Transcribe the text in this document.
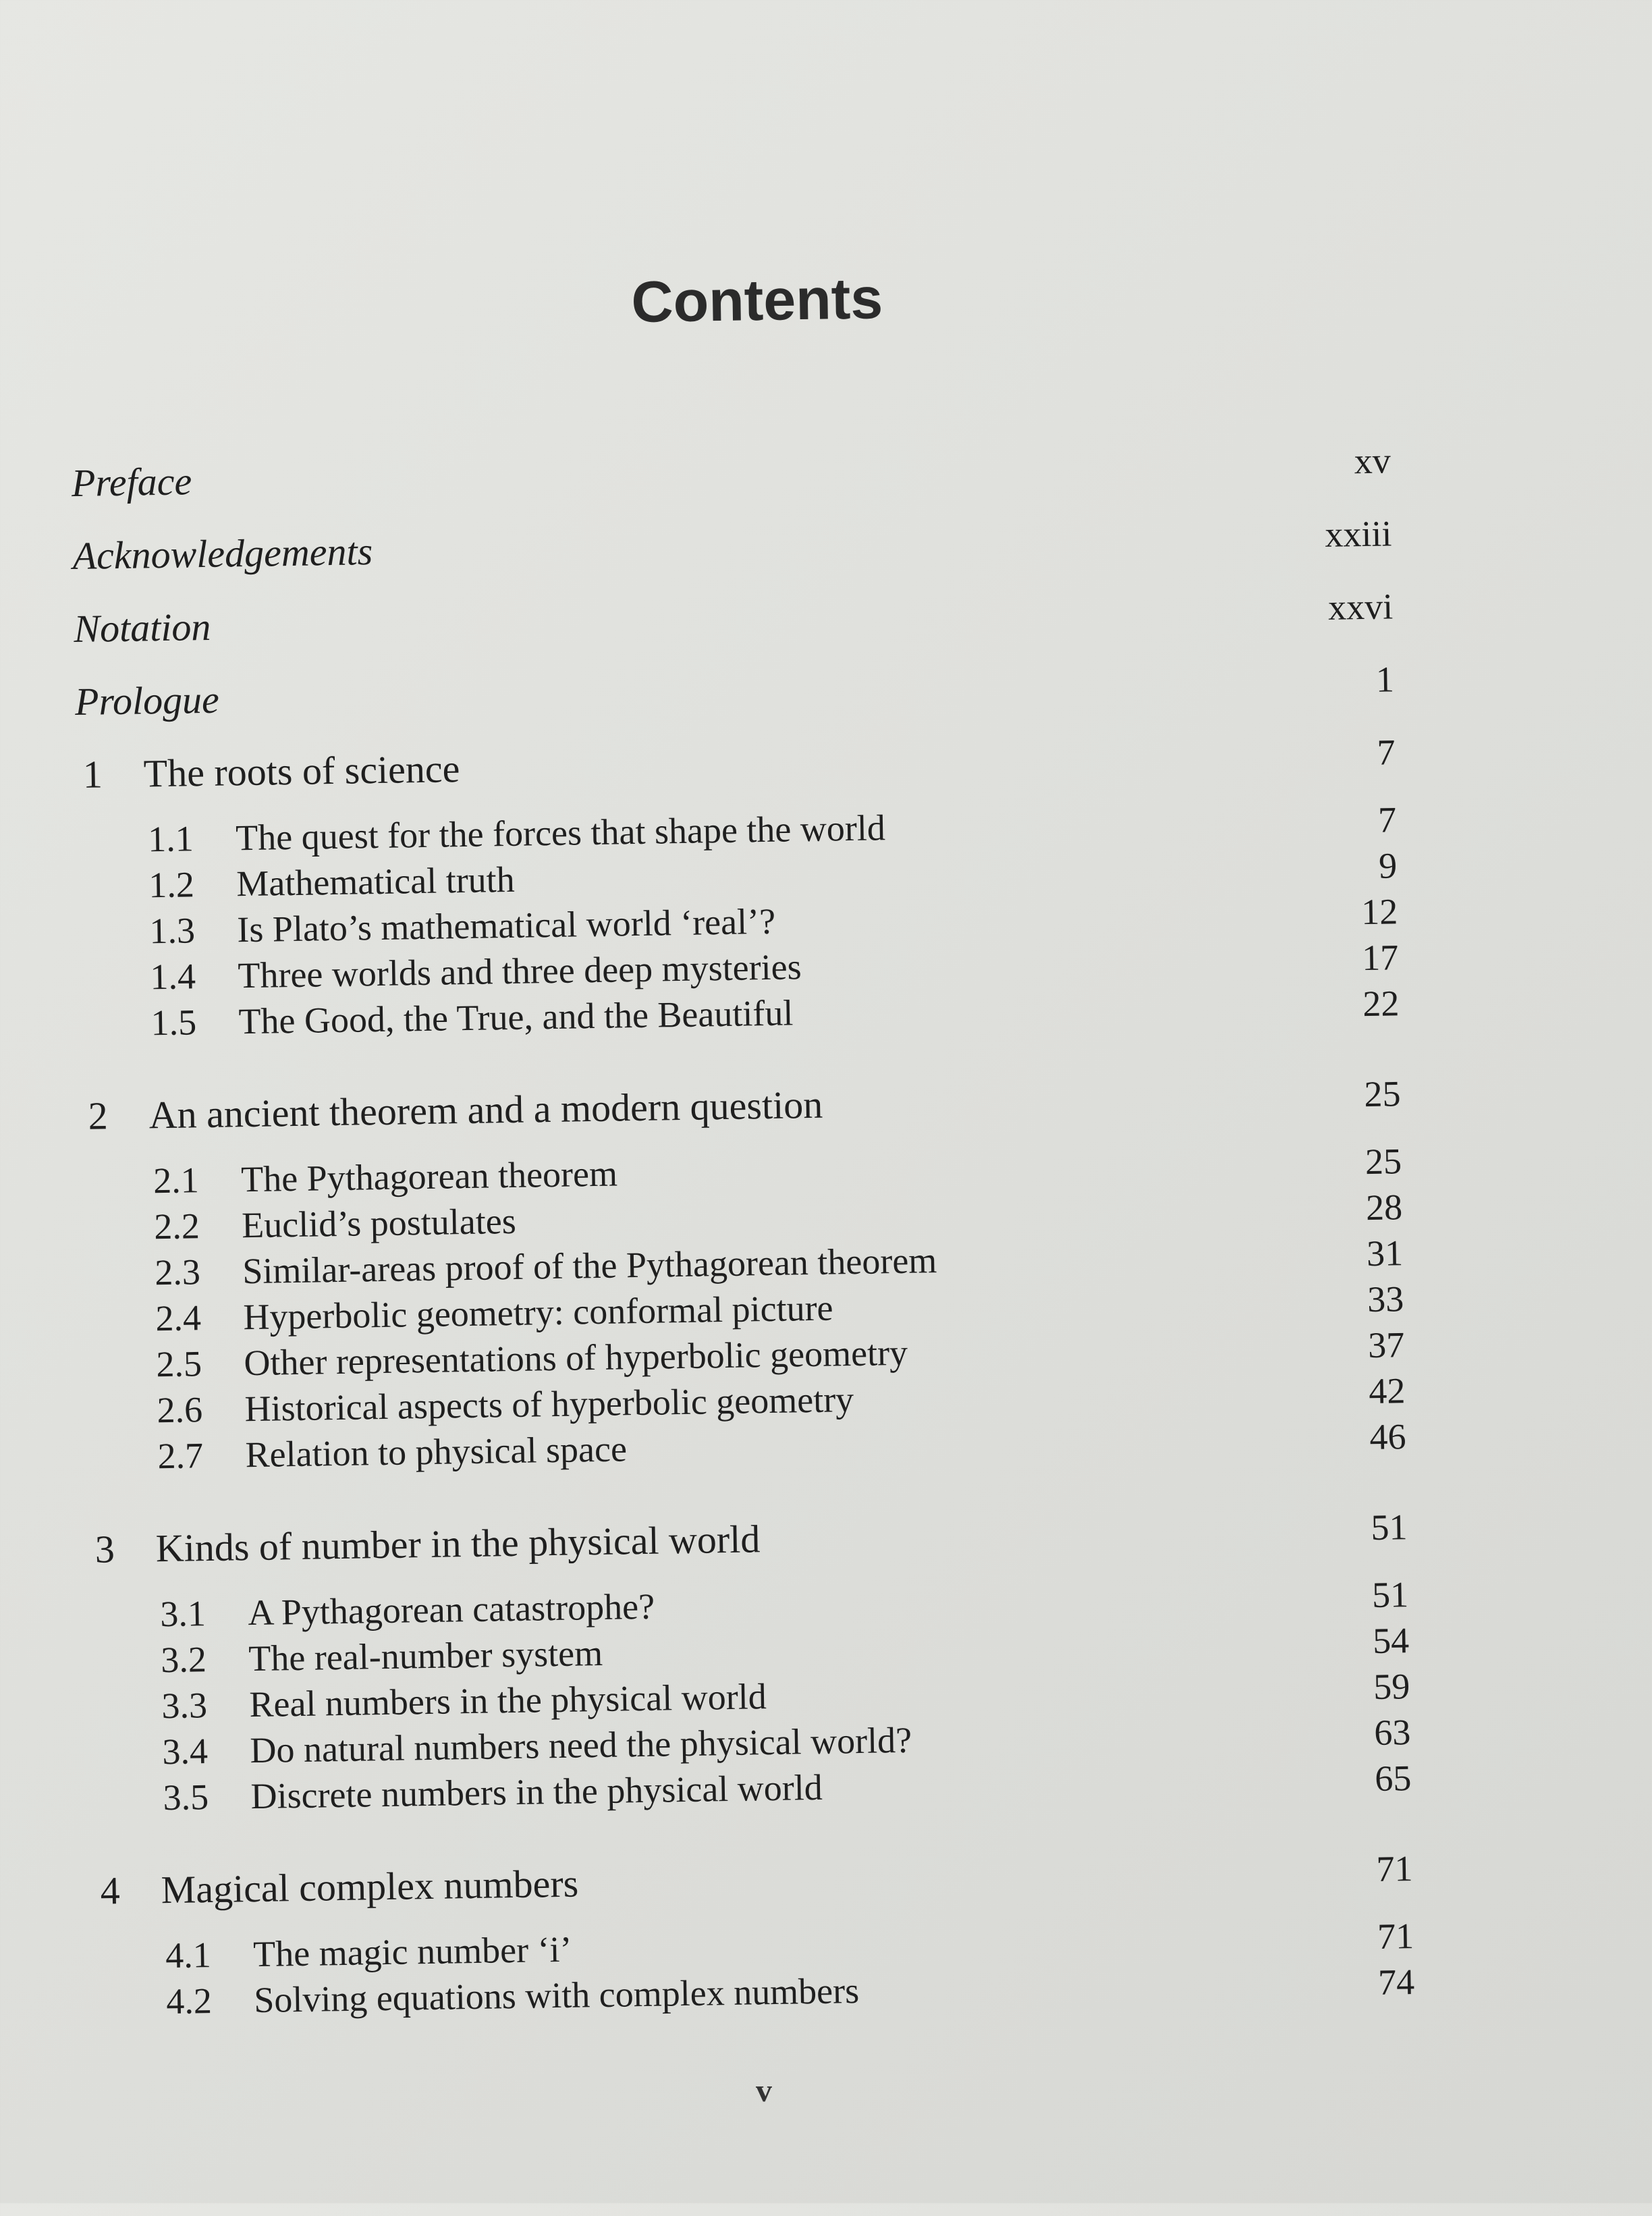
Contents
Preface	xv
Acknowledgements	xxiii
Notation	xxvi
Prologue	1
1 The roots of science	7
1.1 The quest for the forces that shape the world	7
1.2 Mathematical truth	9
1.3 Is Plato’s mathematical world ‘real’?	12
1.4 Three worlds and three deep mysteries	17
1.5 The Good, the True, and the Beautiful	22
2 An ancient theorem and a modern question	25
2.1 The Pythagorean theorem	25
2.2 Euclid’s postulates	28
2.3 Similar-areas proof of the Pythagorean theorem	31
2.4 Hyperbolic geometry: conformal picture	33
2.5 Other representations of hyperbolic geometry	37
2.6 Historical aspects of hyperbolic geometry	42
2.7 Relation to physical space	46
3 Kinds of number in the physical world	51
3.1 A Pythagorean catastrophe?	51
3.2 The real-number system	54
3.3 Real numbers in the physical world	59
3.4 Do natural numbers need the physical world?	63
3.5 Discrete numbers in the physical world	65
4 Magical complex numbers	71
4.1 The magic number ‘i’	71
4.2 Solving equations with complex numbers	74
v
